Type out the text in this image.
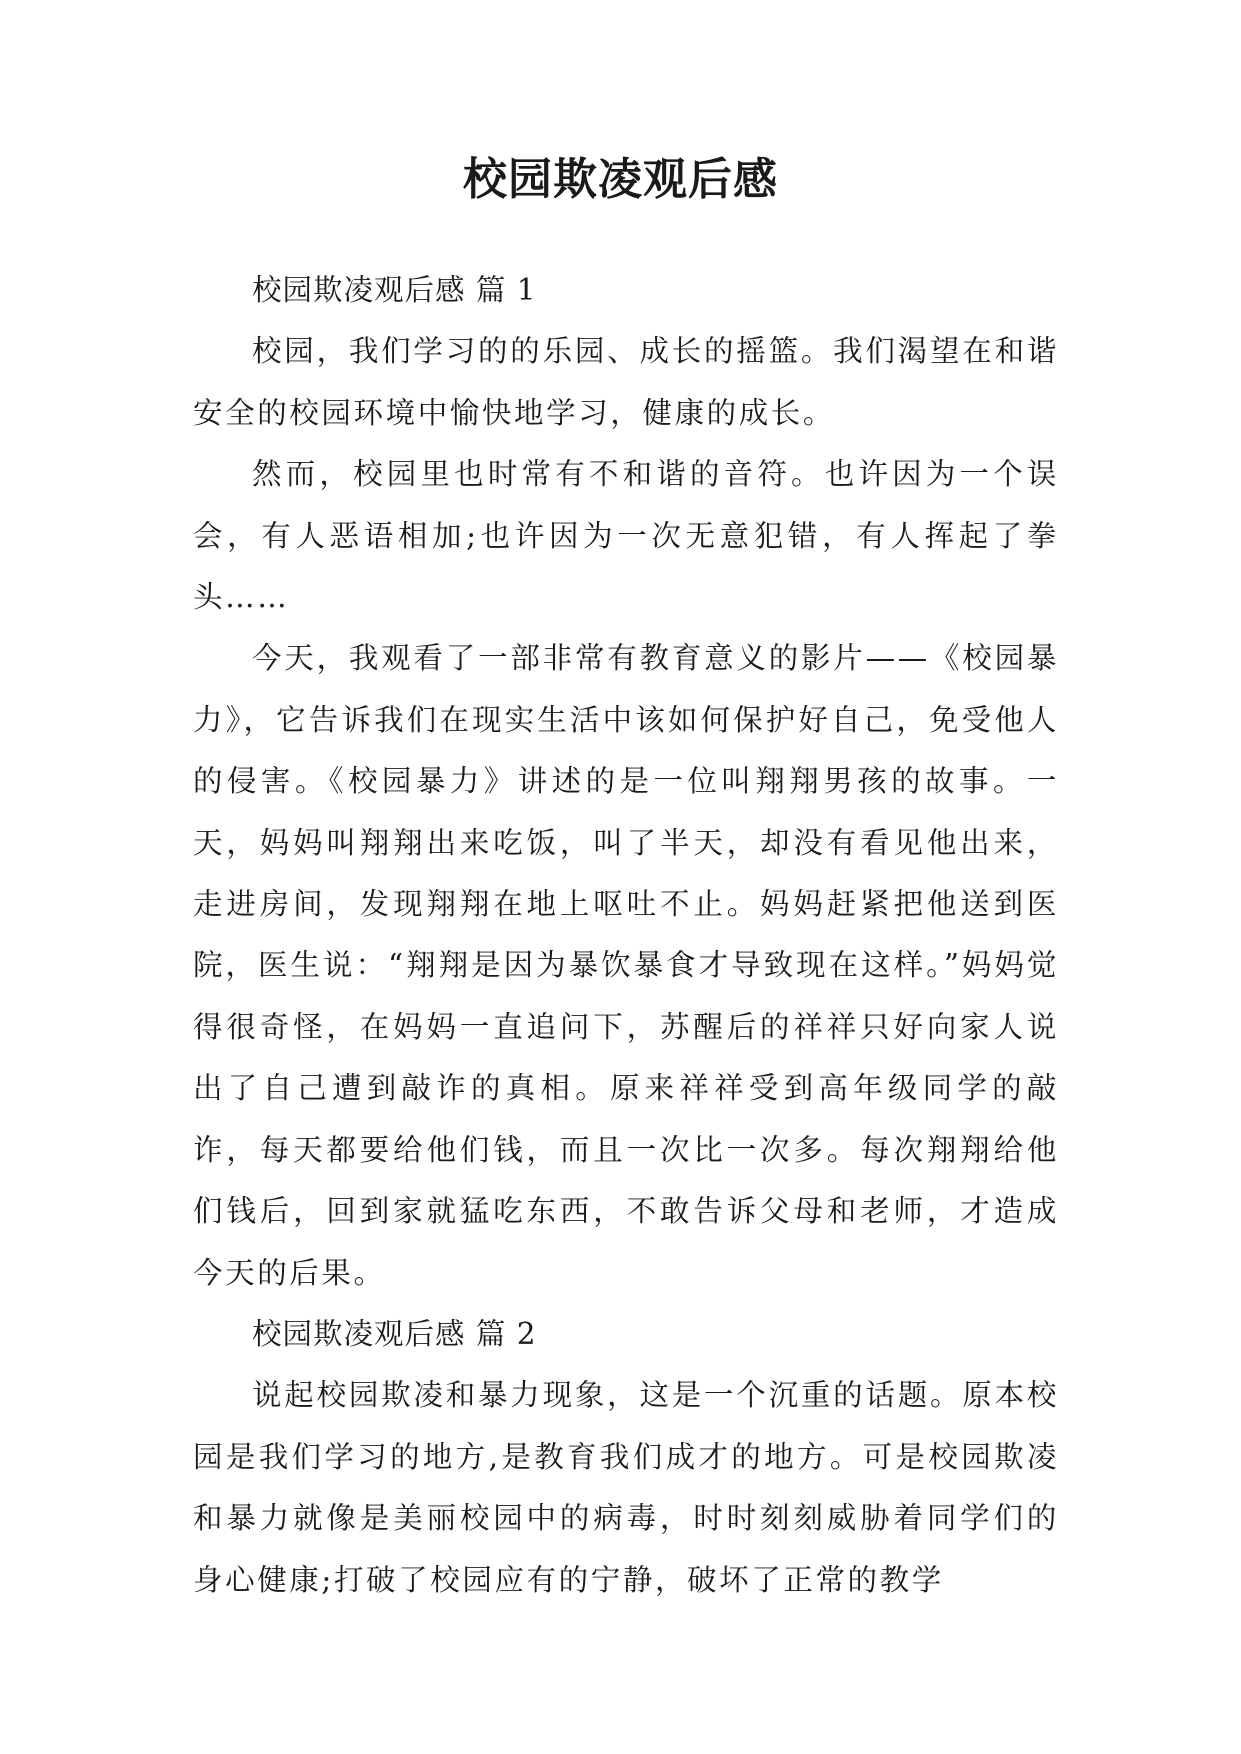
校园欺凌观后感

校园欺凌观后感 篇 1

校园，我们学习的的乐园、成长的摇篮。我们渴望在和谐安全的校园环境中愉快地学习，健康的成长。

然而，校园里也时常有不和谐的音符。也许因为一个误会，有人恶语相加;也许因为一次无意犯错，有人挥起了拳头……

今天，我观看了一部非常有教育意义的影片——《校园暴力》，它告诉我们在现实生活中该如何保护好自己，免受他人的侵害。《校园暴力》讲述的是一位叫翔翔男孩的故事。一天，妈妈叫翔翔出来吃饭，叫了半天，却没有看见他出来，走进房间，发现翔翔在地上呕吐不止。妈妈赶紧把他送到医院，医生说：“翔翔是因为暴饮暴食才导致现在这样。”妈妈觉得很奇怪，在妈妈一直追问下，苏醒后的祥祥只好向家人说出了自己遭到敲诈的真相。原来祥祥受到高年级同学的敲诈，每天都要给他们钱，而且一次比一次多。每次翔翔给他们钱后，回到家就猛吃东西，不敢告诉父母和老师，才造成今天的后果。

校园欺凌观后感 篇 2

说起校园欺凌和暴力现象，这是一个沉重的话题。原本校园是我们学习的地方,是教育我们成才的地方。可是校园欺凌和暴力就像是美丽校园中的病毒，时时刻刻威胁着同学们的身心健康;打破了校园应有的宁静，破坏了正常的教学
